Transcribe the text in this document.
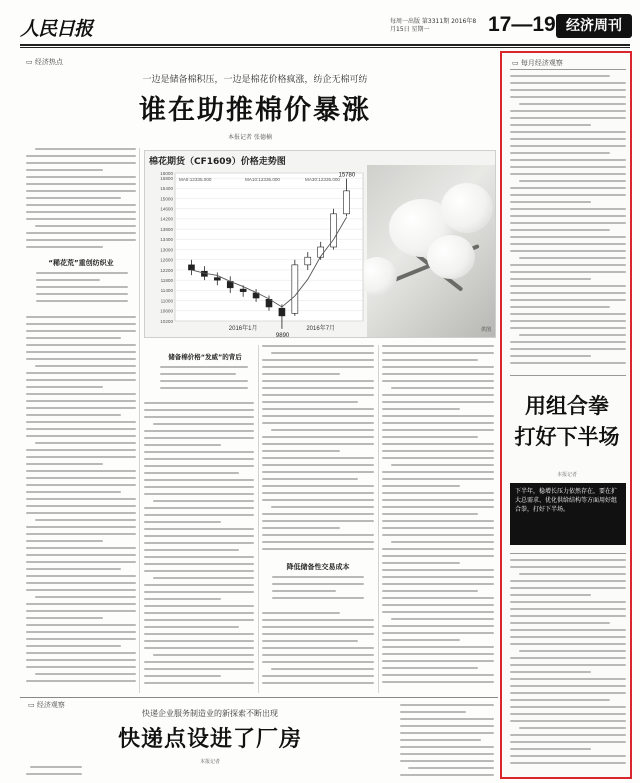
人民日报	每周一出版 第3311期 2016年8月15日 星期一	17—19 经济周刊
▭ 经济热点
一边是储备棉积压，一边是棉花价格疯涨，纺企无棉可纺
谁在助推棉价暴涨
本报记者 张德楠
“稀花荒”重创纺织业
棉花期货（CF1609）价格走势图
供图
10200
10600
11000
11400
11800
12200
12600
13000
13400
13800
14200
14600
15000
15400
15800
16000
MA5:12335.000	MA10:12335.000	MA30:12335.000
15780
9890
2016年1月	2016年7月
储备棉价格“发威”的背后
降低储备性交易成本
▭ 每月经济观察
用组合拳
打好下半场
本报记者
下半年，稳增长压力依然存在，要在扩大总需求、优化供给结构等方面用好组合拳，打好下半场。
▭ 经济观察
快递企业服务制造业的新探索不断出现
快递点设进了厂房
本报记者
